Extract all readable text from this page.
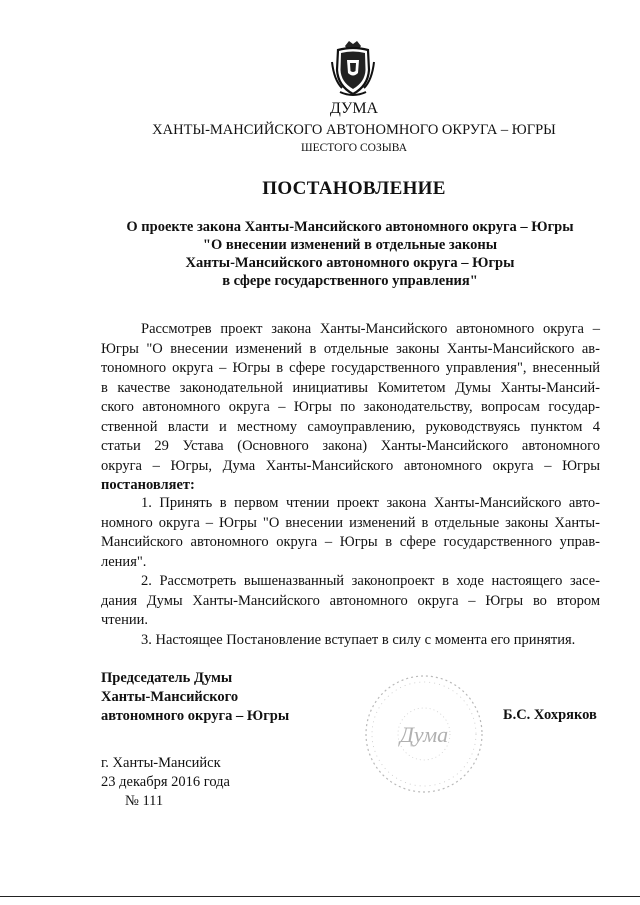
ДУМА
ХАНТЫ-МАНСИЙСКОГО АВТОНОМНОГО ОКРУГА – ЮГРЫ
ШЕСТОГО СОЗЫВА
ПОСТАНОВЛЕНИЕ
О проекте закона Ханты-Мансийского автономного округа – Югры
"О внесении изменений в отдельные законы
Ханты-Мансийского автономного округа – Югры
в сфере государственного управления"
Рассмотрев проект закона Ханты-Мансийского автономного округа –
Югры "О внесении изменений в отдельные законы Ханты-Мансийского ав-
тономного округа – Югры в сфере государственного управления", внесенный
в качестве законодательной инициативы Комитетом Думы Ханты-Мансий-
ского автономного округа – Югры по законодательству, вопросам государ-
ственной власти и местному самоуправлению, руководствуясь пунктом 4
статьи 29 Устава (Основного закона) Ханты-Мансийского автономного
округа – Югры, Дума Ханты-Мансийского автономного округа – Югры
постановляет:
1. Принять в первом чтении проект закона Ханты-Мансийского авто-
номного округа – Югры "О внесении изменений в отдельные законы Ханты-
Мансийского автономного округа – Югры в сфере государственного управ-
ления".
2. Рассмотреть вышеназванный законопроект в ходе настоящего засе-
дания Думы Ханты-Мансийского автономного округа – Югры во втором
чтении.
3. Настоящее Постановление вступает в силу с момента его принятия.
Председатель Думы
Ханты-Мансийского
автономного округа – Югры
Дума
Б.С. Хохряков
г. Ханты-Мансийск
23 декабря 2016 года
№ 111
